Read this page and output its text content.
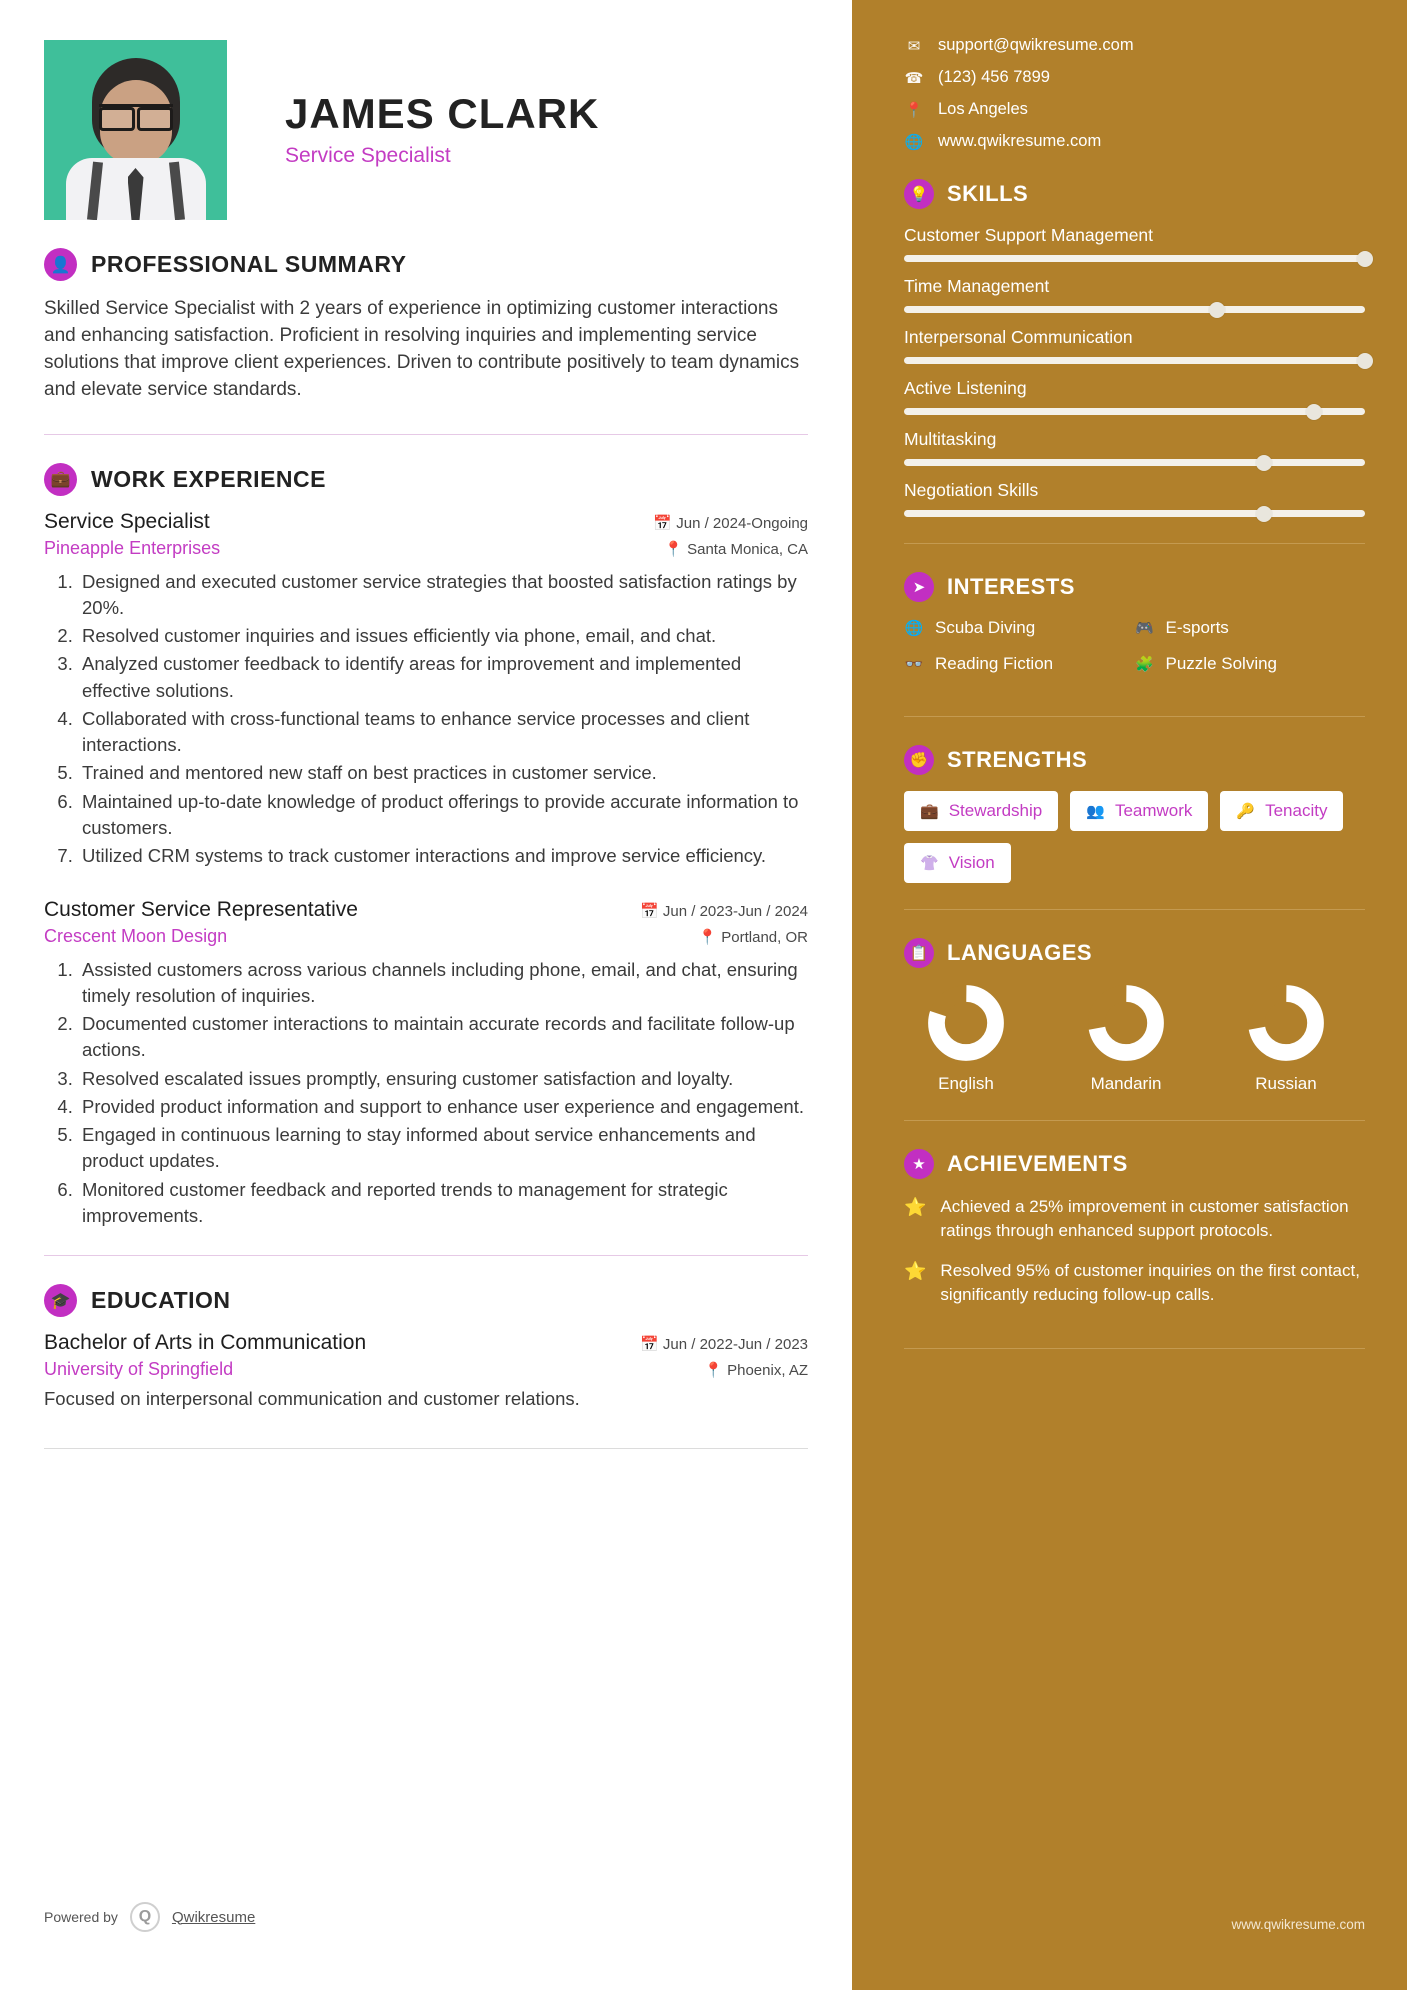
JAMES CLARK
Service Specialist
👤 PROFESSIONAL SUMMARY
Skilled Service Specialist with 2 years of experience in optimizing customer interactions and enhancing satisfaction. Proficient in resolving inquiries and implementing service solutions that improve client experiences. Driven to contribute positively to team dynamics and elevate service standards.
💼 WORK EXPERIENCE
Service Specialist	📅 Jun / 2024-Ongoing
Pineapple Enterprises	📍 Santa Monica, CA
1. Designed and executed customer service strategies that boosted satisfaction ratings by 20%.
2. Resolved customer inquiries and issues efficiently via phone, email, and chat.
3. Analyzed customer feedback to identify areas for improvement and implemented effective solutions.
4. Collaborated with cross-functional teams to enhance service processes and client interactions.
5. Trained and mentored new staff on best practices in customer service.
6. Maintained up-to-date knowledge of product offerings to provide accurate information to customers.
7. Utilized CRM systems to track customer interactions and improve service efficiency.
Customer Service Representative	📅 Jun / 2023-Jun / 2024
Crescent Moon Design	📍 Portland, OR
1. Assisted customers across various channels including phone, email, and chat, ensuring timely resolution of inquiries.
2. Documented customer interactions to maintain accurate records and facilitate follow-up actions.
3. Resolved escalated issues promptly, ensuring customer satisfaction and loyalty.
4. Provided product information and support to enhance user experience and engagement.
5. Engaged in continuous learning to stay informed about service enhancements and product updates.
6. Monitored customer feedback and reported trends to management for strategic improvements.
🎓 EDUCATION
Bachelor of Arts in Communication	📅 Jun / 2022-Jun / 2023
University of Springfield	📍 Phoenix, AZ
Focused on interpersonal communication and customer relations.
Powered by	Q	Qwikresume
✉ support@qwikresume.com
☎ (123) 456 7899
📍 Los Angeles
🌐 www.qwikresume.com
💡 SKILLS
Customer Support Management
Time Management
Interpersonal Communication
Active Listening
Multitasking
Negotiation Skills
➤ INTERESTS
🌐 Scuba Diving	🎮 E-sports
👓 Reading Fiction	🧩 Puzzle Solving
✊ STRENGTHS
💼 Stewardship	👥 Teamwork	🔑 Tenacity
👚 Vision
📋 LANGUAGES
English	Mandarin	Russian
★ ACHIEVEMENTS
⭐ Achieved a 25% improvement in customer satisfaction ratings through enhanced support protocols.
⭐ Resolved 95% of customer inquiries on the first contact, significantly reducing follow-up calls.
www.qwikresume.com
